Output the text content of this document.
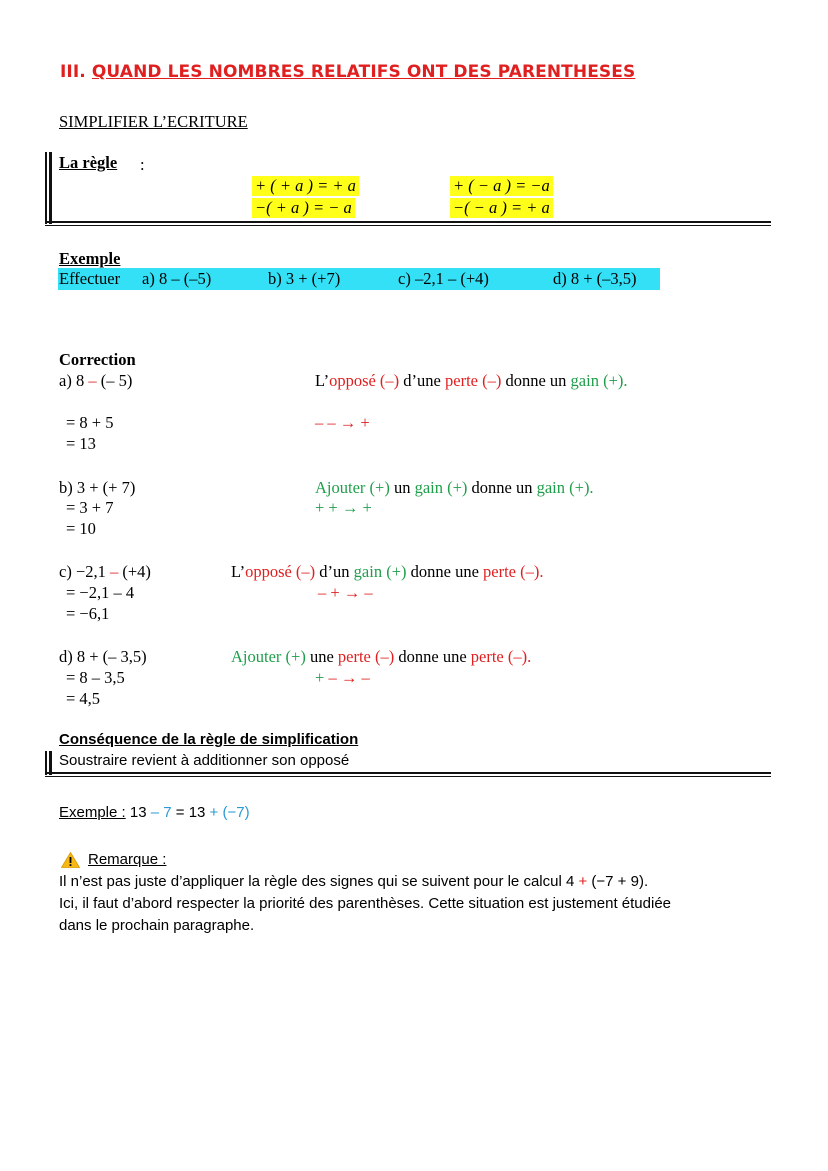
III. QUAND LES NOMBRES RELATIFS ONT DES PARENTHESES
SIMPLIFIER L’ECRITURE
La règle :
+ ( + a ) = + a
−( + a ) = − a
+ ( − a ) = −a
−( − a ) = + a
Exemple
Effectuer a) 8 – (–5)	b) 3 + (+7)	c) –2,1 – (+4)	d) 8 + (–3,5)
Correction
a) 8 – (– 5)
= 8 + 5
= 13
L’opposé (–) d’une perte (–) donne un gain (+).
– – → +
b) 3 + (+ 7)
= 3 + 7
= 10
Ajouter (+) un gain (+) donne un gain (+).
+ + → +
c) −2,1 – (+4)
= −2,1 – 4
= −6,1
L’opposé (–) d’un gain (+) donne une perte (–).
– + → –
d) 8 + (– 3,5)
= 8 – 3,5
= 4,5
Ajouter (+) une perte (–) donne une perte (–).
+ – → –
Conséquence de la règle de simplification
Soustraire revient à additionner son opposé
Exemple : 13 – 7 = 13 + (−7)
Remarque :
Il n’est pas juste d’appliquer la règle des signes qui se suivent pour le calcul 4 + (−7 + 9).
Ici, il faut d’abord respecter la priorité des parenthèses. Cette situation est justement étudiée
dans le prochain paragraphe.
